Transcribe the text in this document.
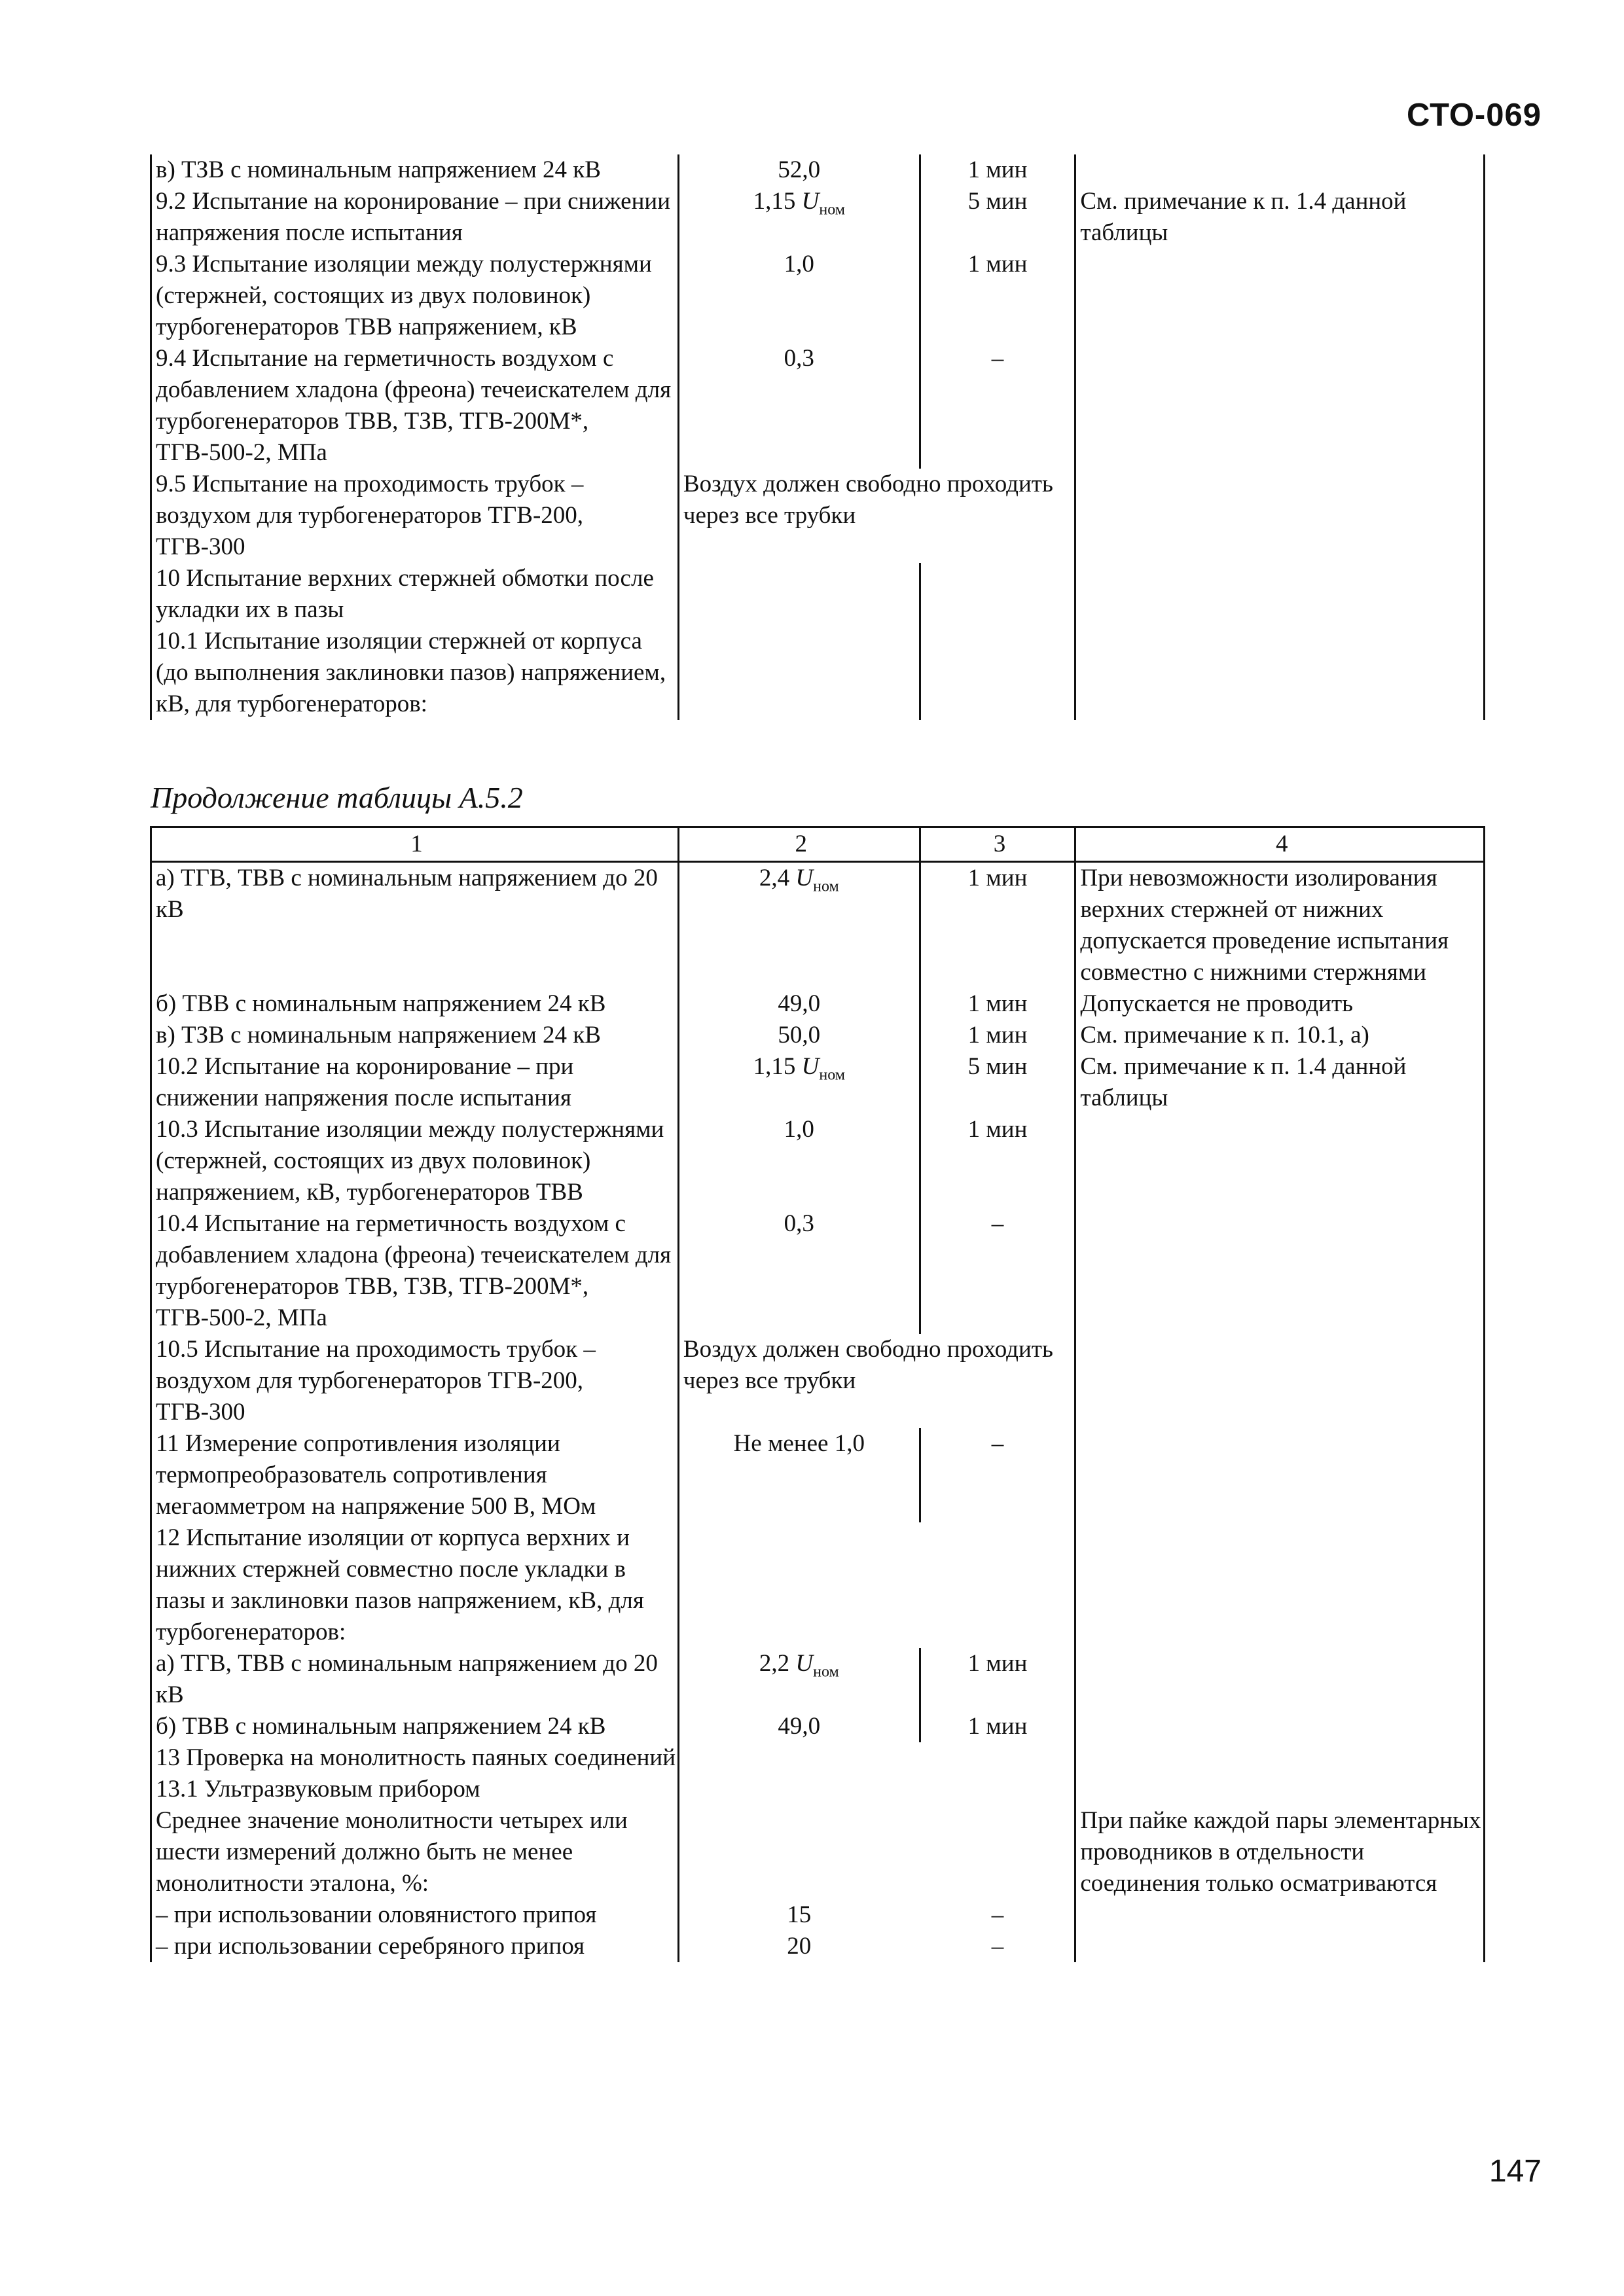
СТО-069
в) ТЗВ с номинальным напряжением 24 кВ	52,0	1 мин	
9.2 Испытание на коронирование – при снижении напряжения после испытания	1,15 $U_{ном}$	5 мин	См. примечание к п. 1.4 данной таблицы
9.3 Испытание изоляции между полустержнями (стержней, состоящих из двух половинок) турбогенераторов ТВВ напряжением, кВ	1,0	1 мин	
9.4 Испытание на герметичность воздухом с добавлением хладона (фреона) течеискателем для турбогенераторов ТВВ, ТЗВ, ТГВ-200М*, ТГВ-500-2, МПа	0,3	–	
9.5 Испытание на проходимость трубок – воздухом для турбогенераторов ТГВ-200, ТГВ-300	Воздух должен свободно проходить через все трубки		
10 Испытание верхних стержней обмотки после укладки их в пазы			
10.1 Испытание изоляции стержней от корпуса (до выполнения заклиновки пазов) напряжением, кВ, для турбогенераторов:			
Продолжение таблицы А.5.2
1	2	3	4
а) ТГВ, ТВВ с номинальным напряжением до 20 кВ	2,4 $U_{ном}$	1 мин	При невозможности изолирования верхних стержней от нижних допускается проведение испытания совместно с нижними стержнями
б) ТВВ с номинальным напряжением 24 кВ	49,0	1 мин	Допускается не проводить
в) ТЗВ с номинальным напряжением 24 кВ	50,0	1 мин	См. примечание к п. 10.1, а)
10.2 Испытание на коронирование – при снижении напряжения после испытания	1,15 $U_{ном}$	5 мин	См. примечание к п. 1.4 данной таблицы
10.3 Испытание изоляции между полустержнями (стержней, состоящих из двух половинок) напряжением, кВ, турбогенераторов ТВВ	1,0	1 мин	
10.4 Испытание на герметичность воздухом с добавлением хладона (фреона) течеискателем для турбогенераторов ТВВ, ТЗВ, ТГВ-200М*, ТГВ-500-2, МПа	0,3	–	
10.5 Испытание на проходимость трубок – воздухом для турбогенераторов ТГВ-200, ТГВ-300	Воздух должен свободно проходить через все трубки		
11 Измерение сопротивления изоляции термопреобразователь сопротивления мегаомметром на напряжение 500 В, МОм	Не менее 1,0	–	
12 Испытание изоляции от корпуса верхних и нижних стержней совместно после укладки в пазы и заклиновки пазов напряжением, кВ, для турбогенераторов:			
а) ТГВ, ТВВ с номинальным напряжением до 20 кВ	2,2 $U_{ном}$	1 мин	
б) ТВВ с номинальным напряжением 24 кВ	49,0	1 мин	
13 Проверка на монолитность паяных соединений			
13.1 Ультразвуковым прибором			
Среднее значение монолитности четырех или шести измерений должно быть не менее монолитности эталона, %:			При пайке каждой пары элементарных проводников в отдельности соединения только осматриваются
– при использовании оловянистого припоя	15	–	
– при использовании серебряного припоя	20	–	
147
